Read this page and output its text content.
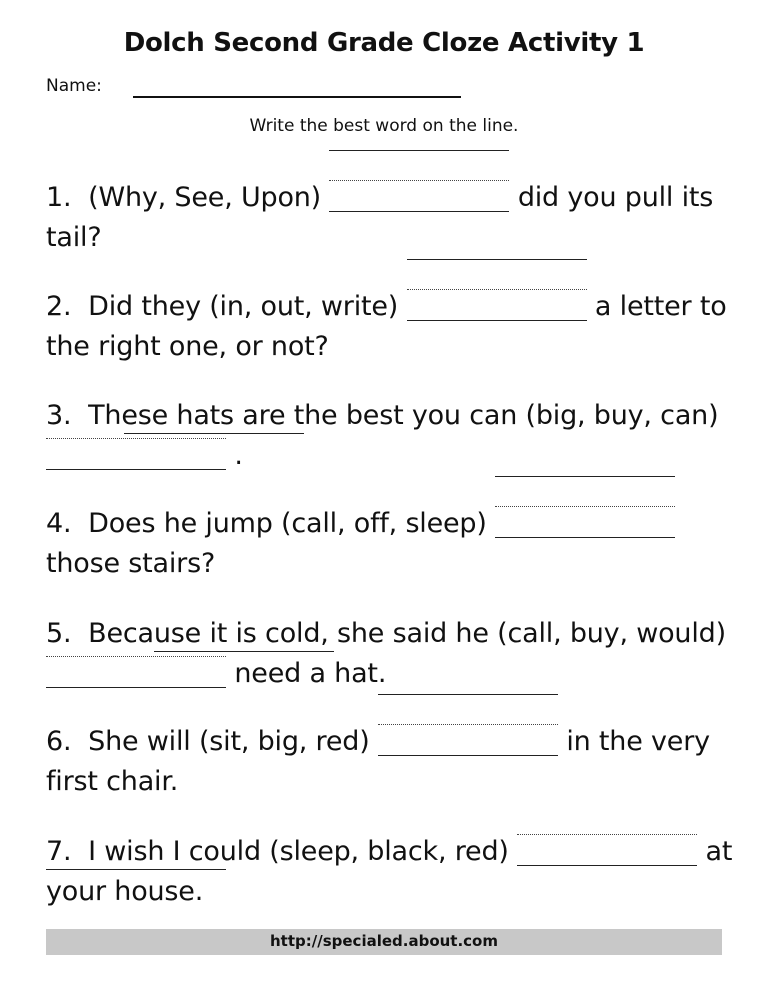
Dolch Second Grade Cloze Activity 1
Name:
Write the best word on the line.
1. (Why, See, Upon)	did you pull its tail?
2. Did they (in, out, write)	a letter to the right one, or not?
3. These hats are the best you can (big, buy, can)
.
4. Does he jump (call, off, sleep)
those stairs?
5. Because it is cold, she said he (call, buy, would)
need a hat.
6. She will (sit, big, red)	in the very first chair.
7. I wish I could (sleep, black, red)	at your house.
http://specialed.about.com
